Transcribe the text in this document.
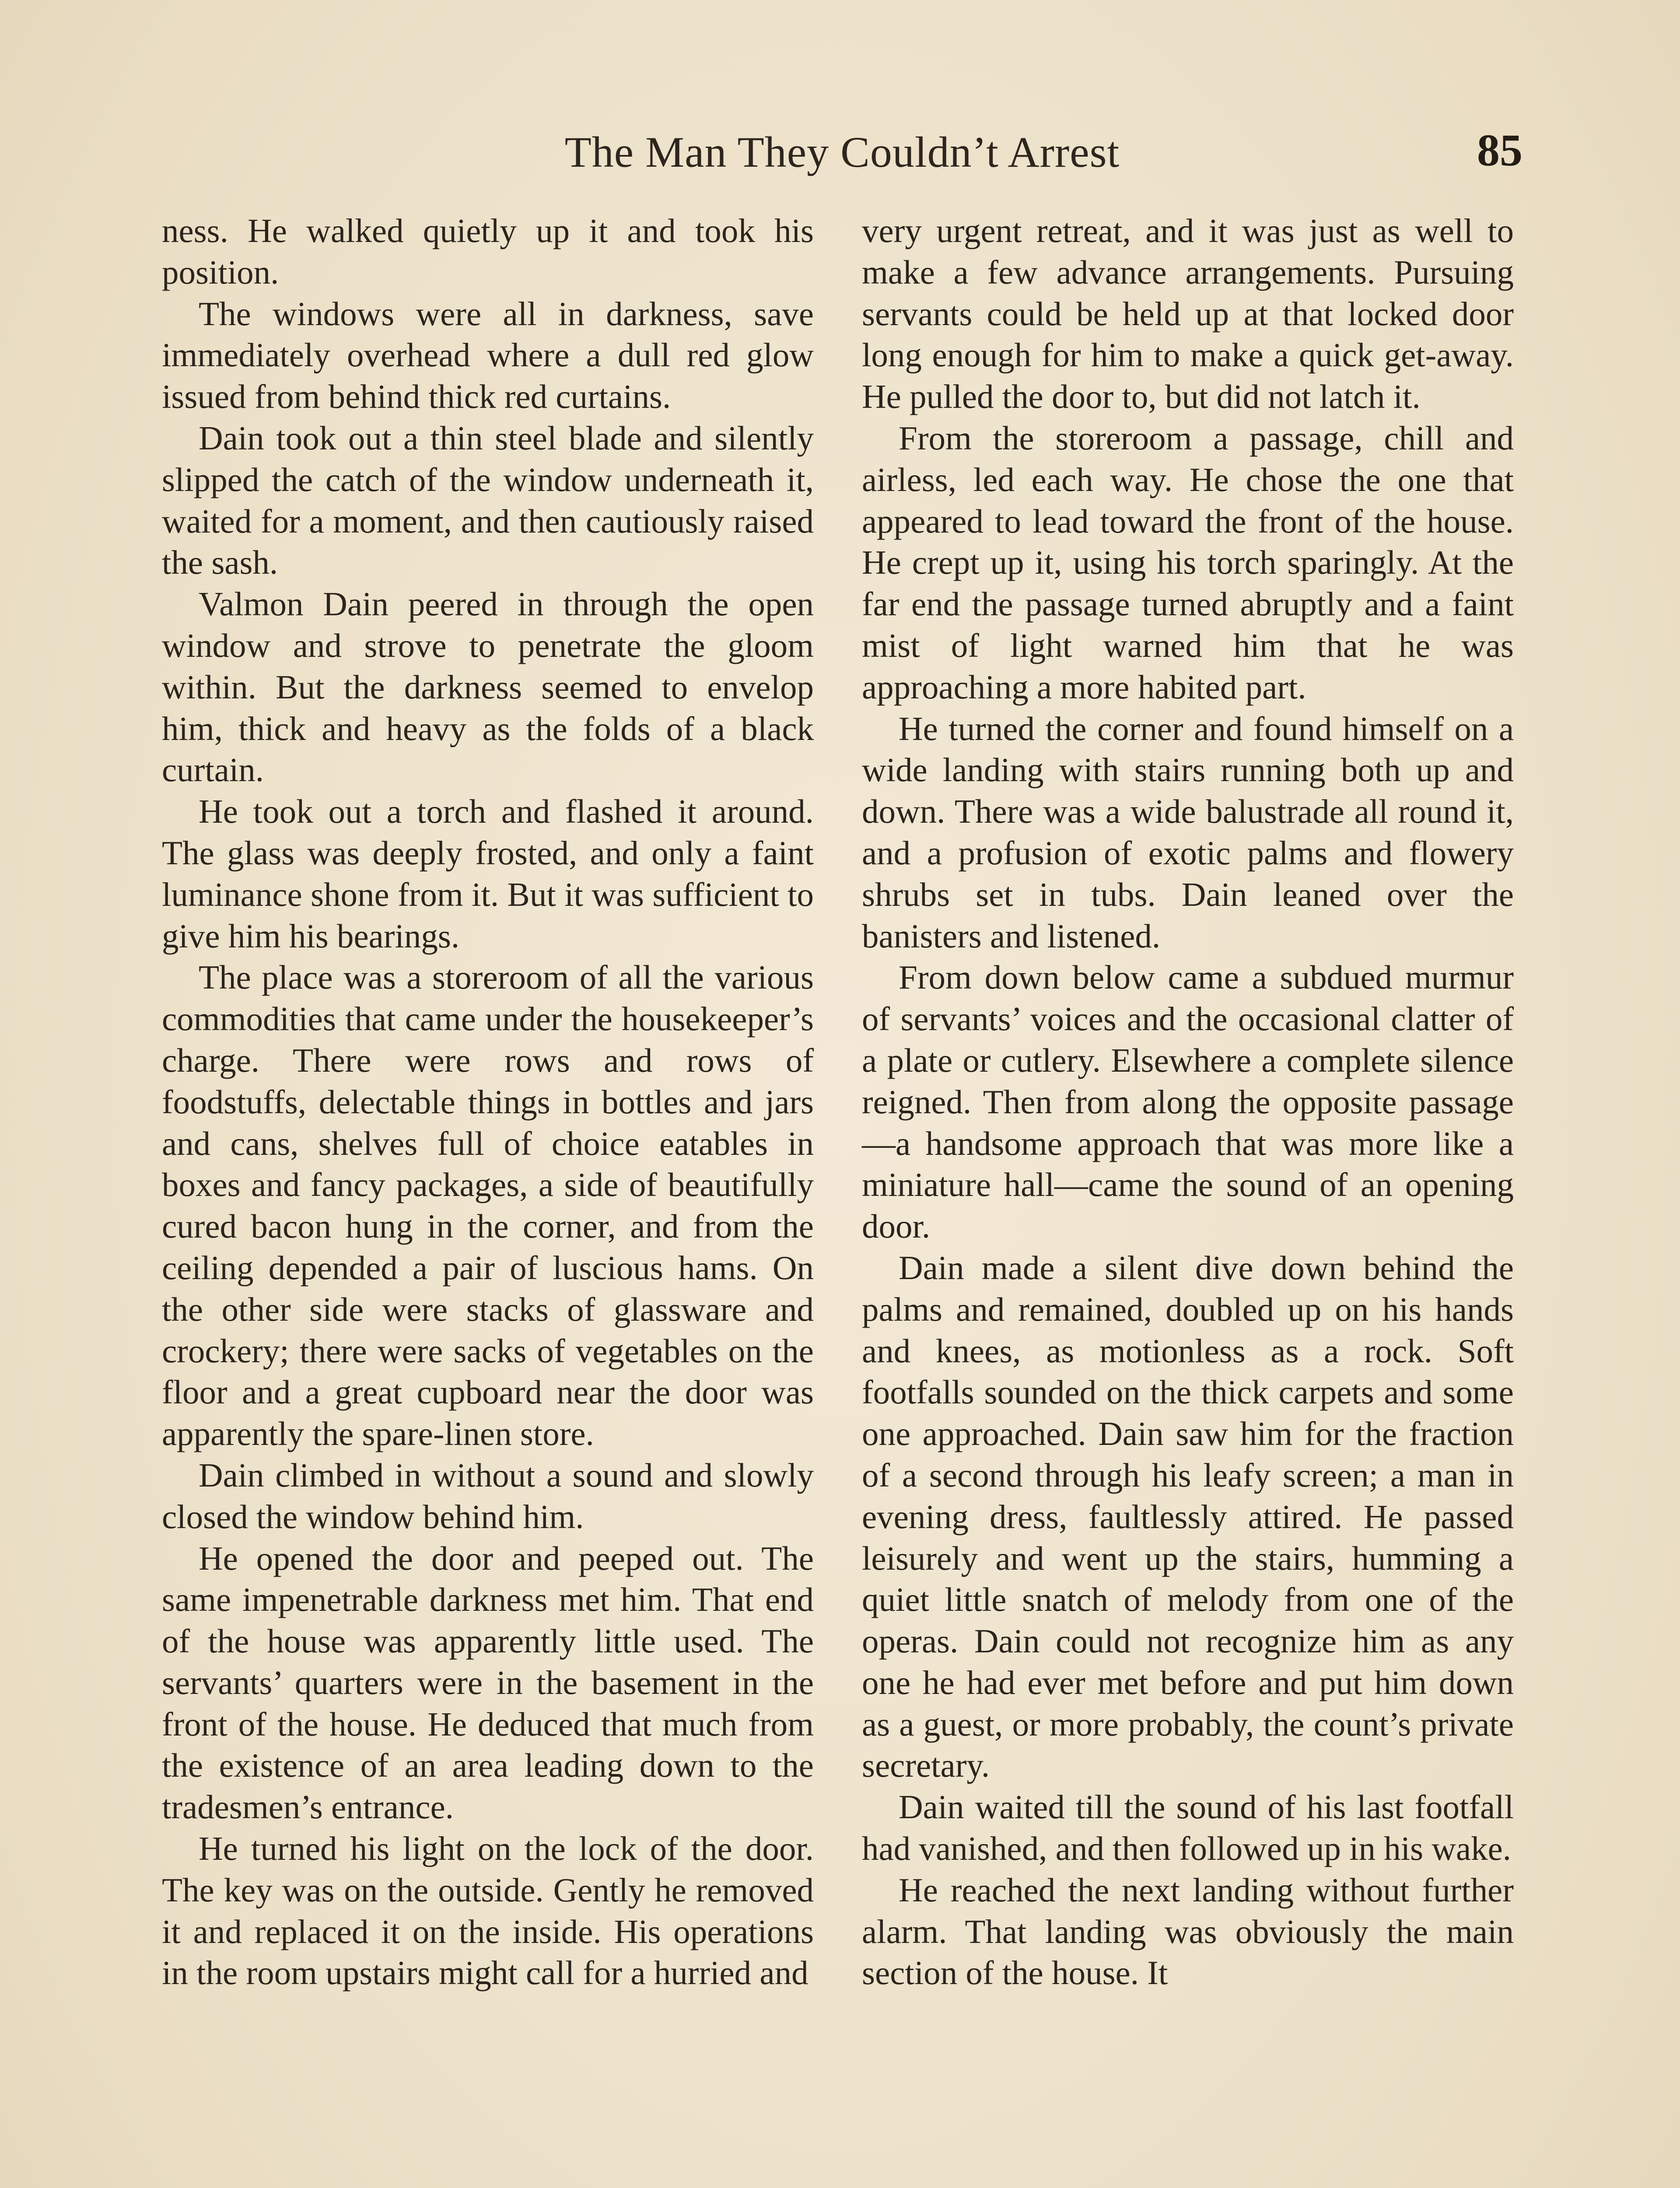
The Man They Couldn’t Arrest	85

ness. He walked quietly up it and took his position.

The windows were all in darkness, save immediately overhead where a dull red glow issued from behind thick red curtains.

Dain took out a thin steel blade and silently slipped the catch of the window underneath it, waited for a moment, and then cautiously raised the sash.

Valmon Dain peered in through the open window and strove to penetrate the gloom within. But the darkness seemed to envelop him, thick and heavy as the folds of a black curtain.

He took out a torch and flashed it around. The glass was deeply frosted, and only a faint luminance shone from it. But it was sufficient to give him his bearings.

The place was a storeroom of all the various commodities that came under the housekeeper’s charge. There were rows and rows of foodstuffs, delectable things in bottles and jars and cans, shelves full of choice eatables in boxes and fancy packages, a side of beautifully cured bacon hung in the corner, and from the ceiling depended a pair of luscious hams. On the other side were stacks of glassware and crockery; there were sacks of vegetables on the floor and a great cupboard near the door was apparently the spare-linen store.

Dain climbed in without a sound and slowly closed the window behind him.

He opened the door and peeped out. The same impenetrable darkness met him. That end of the house was apparently little used. The servants’ quarters were in the basement in the front of the house. He deduced that much from the existence of an area leading down to the tradesmen’s entrance.

He turned his light on the lock of the door. The key was on the outside. Gently he removed it and replaced it on the inside. His operations in the room upstairs might call for a hurried and

very urgent retreat, and it was just as well to make a few advance arrangements. Pursuing servants could be held up at that locked door long enough for him to make a quick get-away. He pulled the door to, but did not latch it.

From the storeroom a passage, chill and airless, led each way. He chose the one that appeared to lead toward the front of the house. He crept up it, using his torch sparingly. At the far end the passage turned abruptly and a faint mist of light warned him that he was approaching a more habited part.

He turned the corner and found himself on a wide landing with stairs running both up and down. There was a wide balustrade all round it, and a profusion of exotic palms and flowery shrubs set in tubs. Dain leaned over the banisters and listened.

From down below came a subdued murmur of servants’ voices and the occasional clatter of a plate or cutlery. Elsewhere a complete silence reigned. Then from along the opposite passage—a handsome approach that was more like a miniature hall—came the sound of an opening door.

Dain made a silent dive down behind the palms and remained, doubled up on his hands and knees, as motionless as a rock. Soft footfalls sounded on the thick carpets and some one approached. Dain saw him for the fraction of a second through his leafy screen; a man in evening dress, faultlessly attired. He passed leisurely and went up the stairs, humming a quiet little snatch of melody from one of the operas. Dain could not recognize him as any one he had ever met before and put him down as a guest, or more probably, the count’s private secretary.

Dain waited till the sound of his last footfall had vanished, and then followed up in his wake.

He reached the next landing without further alarm. That landing was obviously the main section of the house. It
